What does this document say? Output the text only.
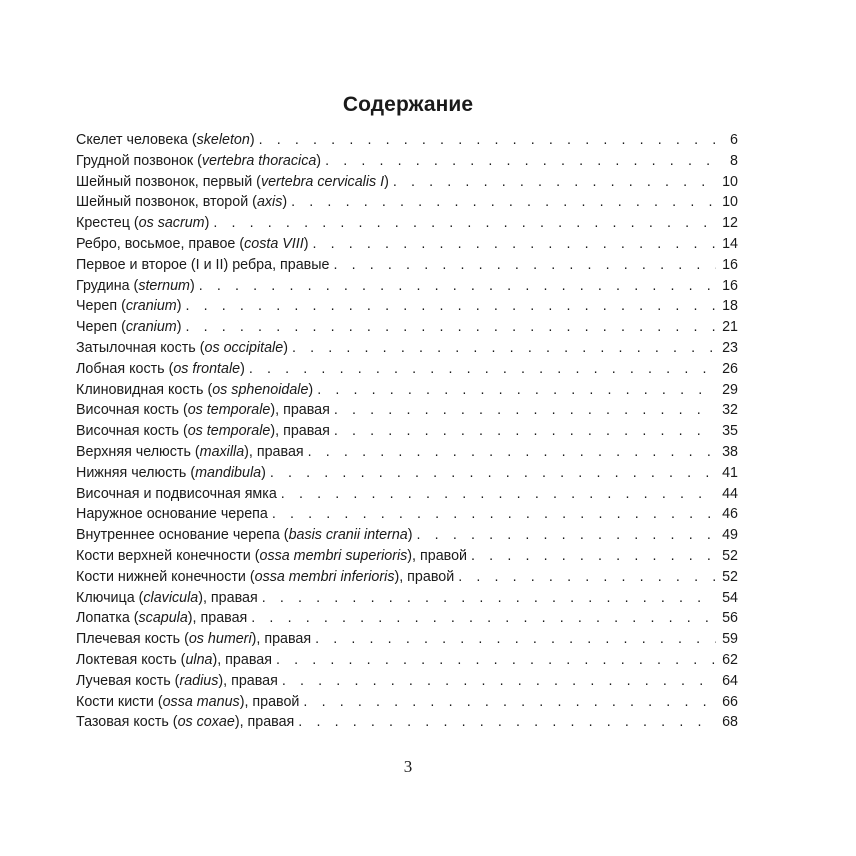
Содержание
Скелет человека (skeleton) . . .	6
Грудной позвонок (vertebra thoracica) . . .	8
Шейный позвонок, первый (vertebra cervicalis I) . . .	10
Шейный позвонок, второй (axis) . . .	10
Крестец (os sacrum) . . .	12
Ребро, восьмое, правое (costa VIII) . . .	14
Первое и второе (I и II) ребра, правые . . .	16
Грудина (sternum) . . .	16
Череп (cranium) . . .	18
Череп (cranium) . . .	21
Затылочная кость (os occipitale) . . .	23
Лобная кость (os frontale) . . .	26
Клиновидная кость (os sphenoidale) . . .	29
Височная кость (os temporale), правая . . .	32
Височная кость (os temporale), правая . . .	35
Верхняя челюсть (maxilla), правая . . .	38
Нижняя челюсть (mandibula) . . .	41
Височная и подвисочная ямка . . .	44
Наружное основание черепа . . .	46
Внутреннее основание черепа (basis cranii interna) . . .	49
Кости верхней конечности (ossa membri superioris), правой . . .	52
Кости нижней конечности (ossa membri inferioris), правой . . .	52
Ключица (clavicula), правая . . .	54
Лопатка (scapula), правая . . .	56
Плечевая кость (os humeri), правая . . .	59
Локтевая кость (ulna), правая . . .	62
Лучевая кость (radius), правая . . .	64
Кости кисти (ossa manus), правой . . .	66
Тазовая кость (os coxae), правая . . .	68
3
